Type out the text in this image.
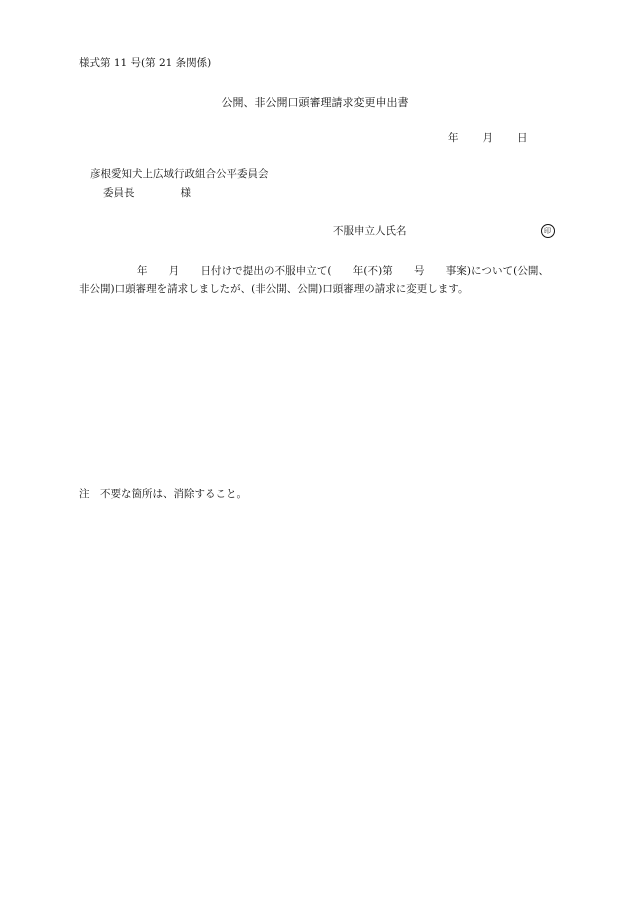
様式第 11 号(第 21 条関係)
公開、非公開口頭審理請求変更申出書
年 月 日
彦根愛知犬上広域行政組合公平委員会
委員長	様
不服申立人氏名	印
年　　月　　日付けで提出の不服申立て(　　年(不)第　　号　　事案)について(公開、非公開)口頭審理を請求しましたが、(非公開、公開)口頭審理の請求に変更します。
注　不要な箇所は、消除すること。
